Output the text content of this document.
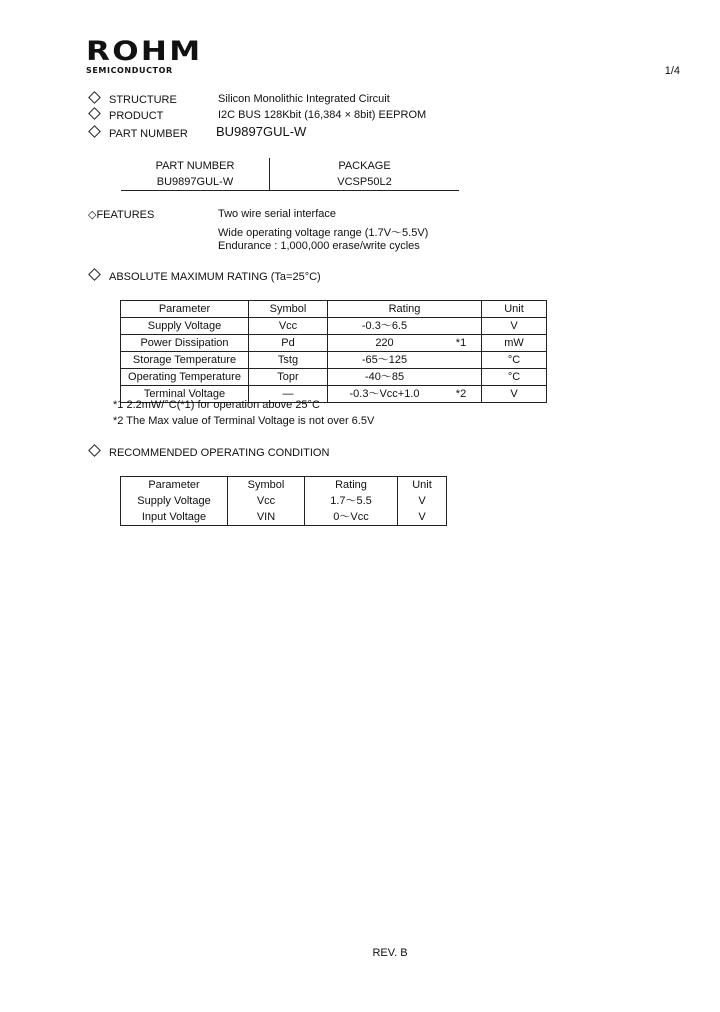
ROHM
SEMICONDUCTOR	1/4
STRUCTURE	Silicon Monolithic Integrated Circuit
PRODUCT	I2C BUS 128Kbit (16,384 × 8bit) EEPROM
PART NUMBER BU9897GUL-W
PART NUMBER	PACKAGE
BU9897GUL-W	VCSP50L2
◇FEATURES	Two wire serial interface
Wide operating voltage range (1.7V～5.5V)
Endurance : 1,000,000 erase/write cycles
ABSOLUTE MAXIMUM RATING (Ta=25°C)
Parameter	Symbol	Rating		Unit
Supply Voltage	Vcc	-0.3～6.5		V
Power Dissipation	Pd	220	*1	mW
Storage Temperature	Tstg	-65～125		°C
Operating Temperature	Topr	-40～85		°C
Terminal Voltage	—	-0.3～Vcc+1.0	*2	V
*1 2.2mW/°C(*1) for operation above 25°C
*2 The Max value of Terminal Voltage is not over 6.5V
RECOMMENDED OPERATING CONDITION
Parameter	Symbol	Rating	Unit
Supply Voltage	Vcc	1.7～5.5	V
Input Voltage	VIN	0～Vcc	V
REV. B
